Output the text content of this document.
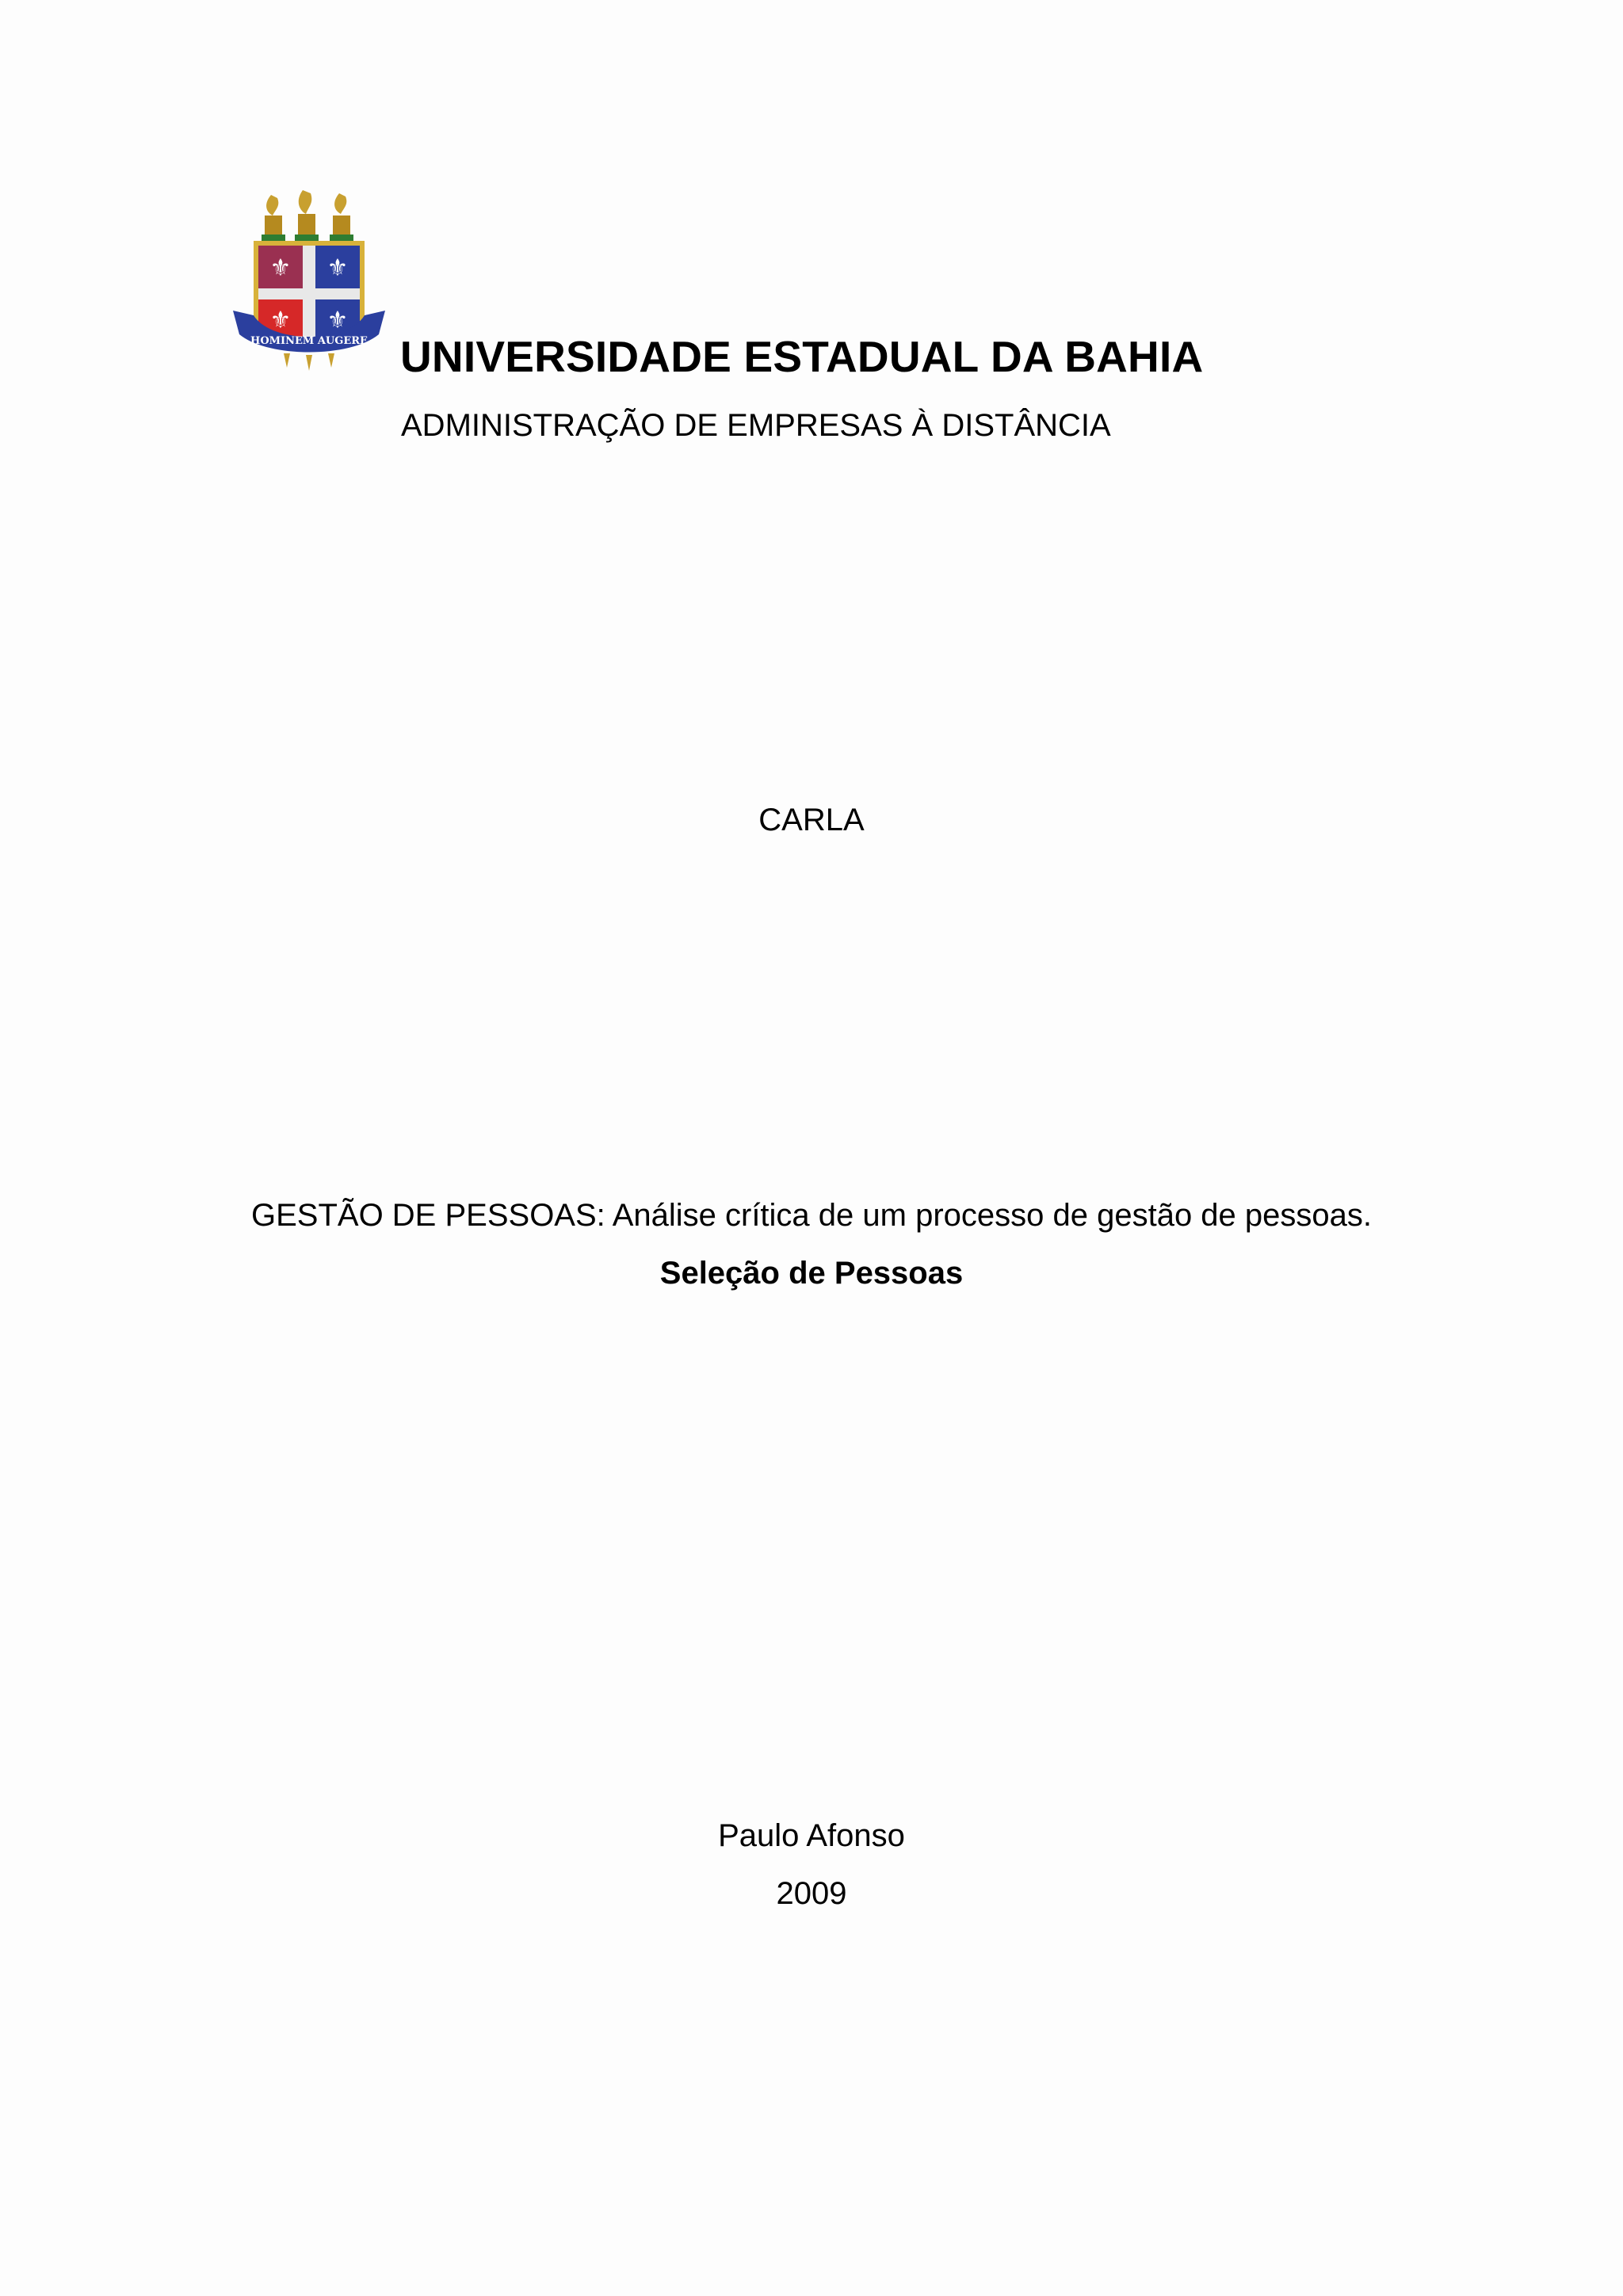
⚜ ⚜
⚜ ⚜
HOMINEM AUGERE UNIVERSIDADE ESTADUAL DA BAHIA
ADMINISTRAÇÃO DE EMPRESAS À DISTÂNCIA
CARLA
GESTÃO DE PESSOAS: Análise crítica de um processo de gestão de pessoas.
Seleção de Pessoas
Paulo Afonso
2009
